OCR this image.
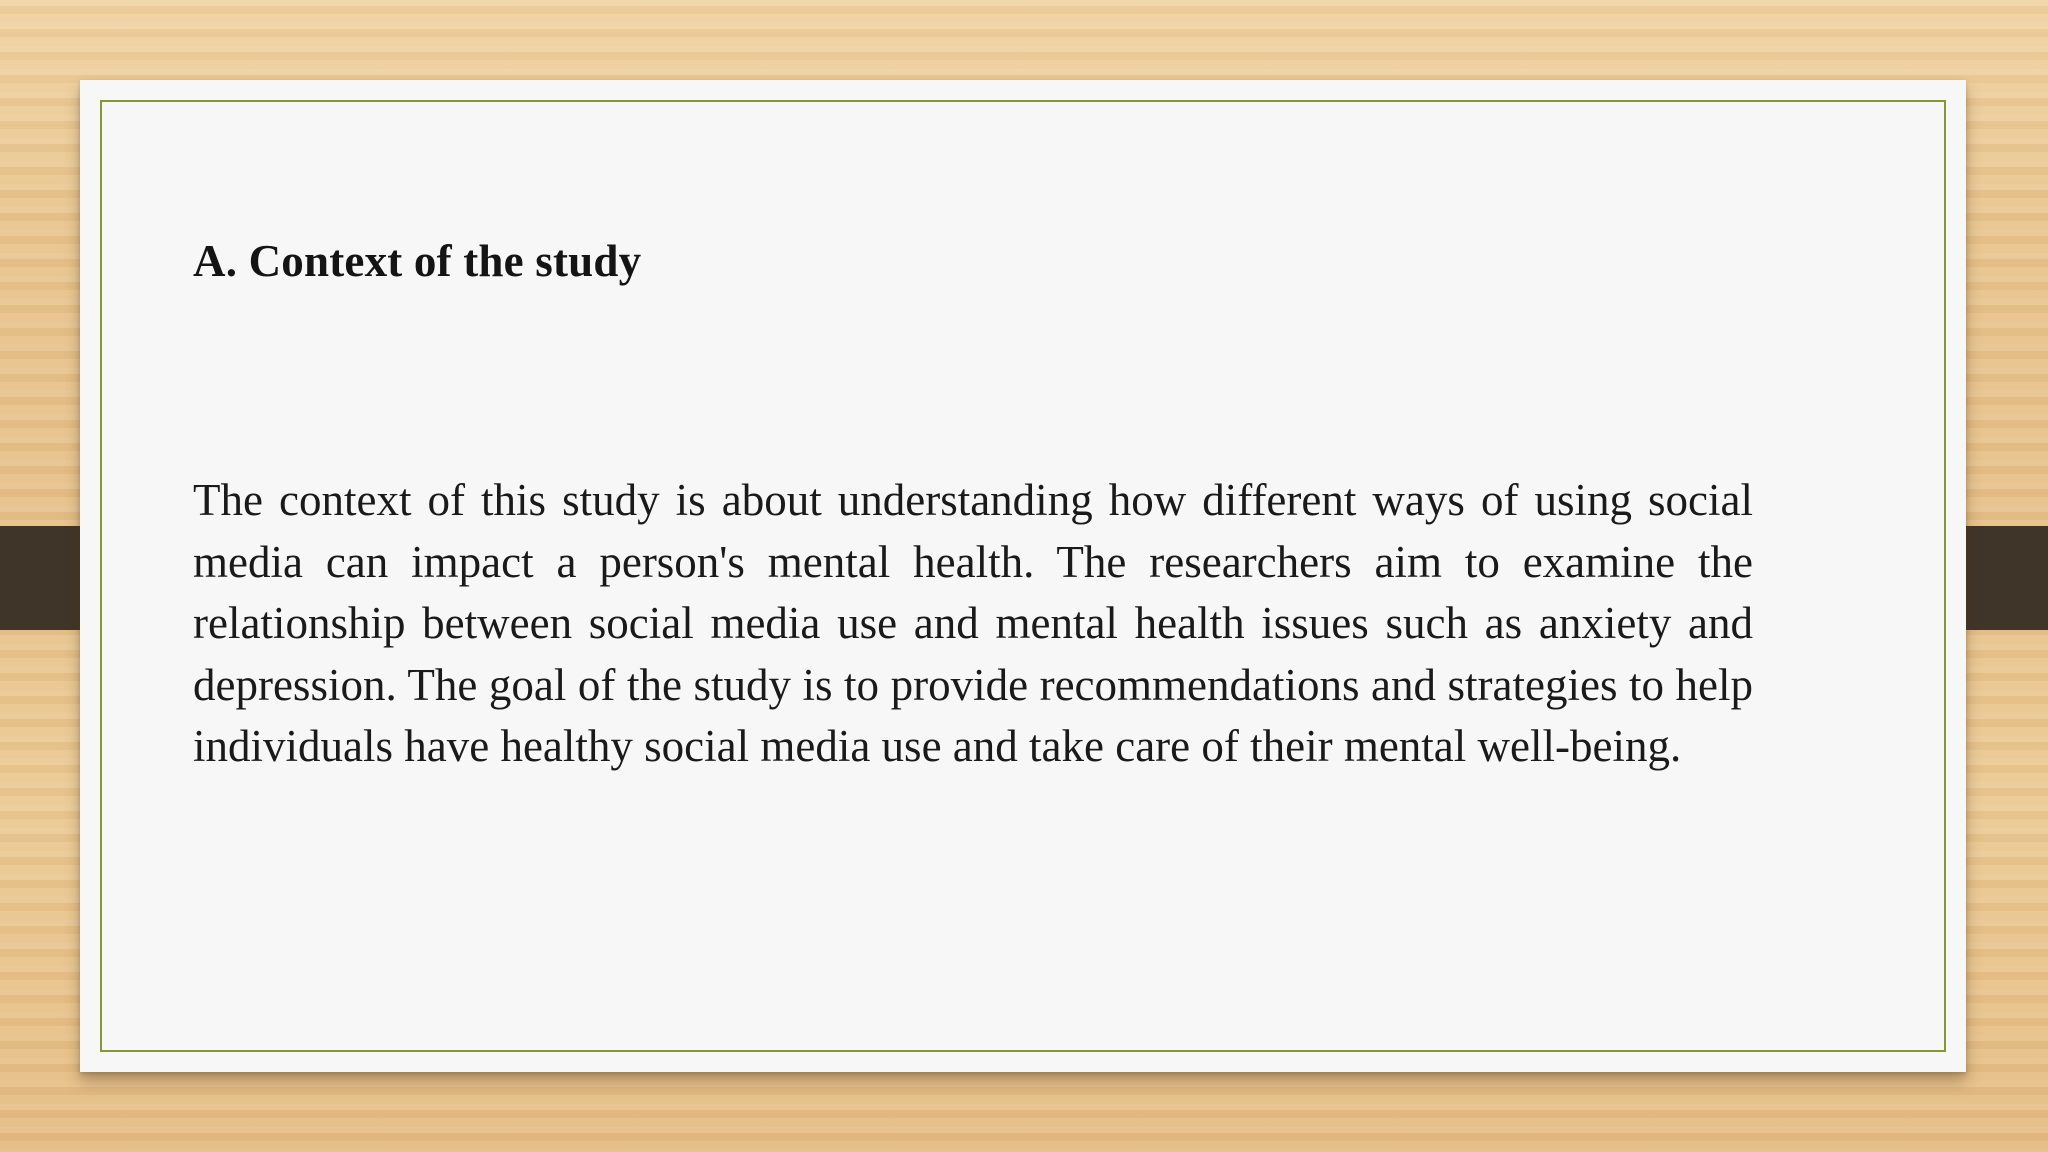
A. Context of the study

The context of this study is about understanding how different ways of using social media can impact a person's mental health. The researchers aim to examine the relationship between social media use and mental health issues such as anxiety and depression. The goal of the study is to provide recommendations and strategies to help individuals have healthy social media use and take care of their mental well-being.
